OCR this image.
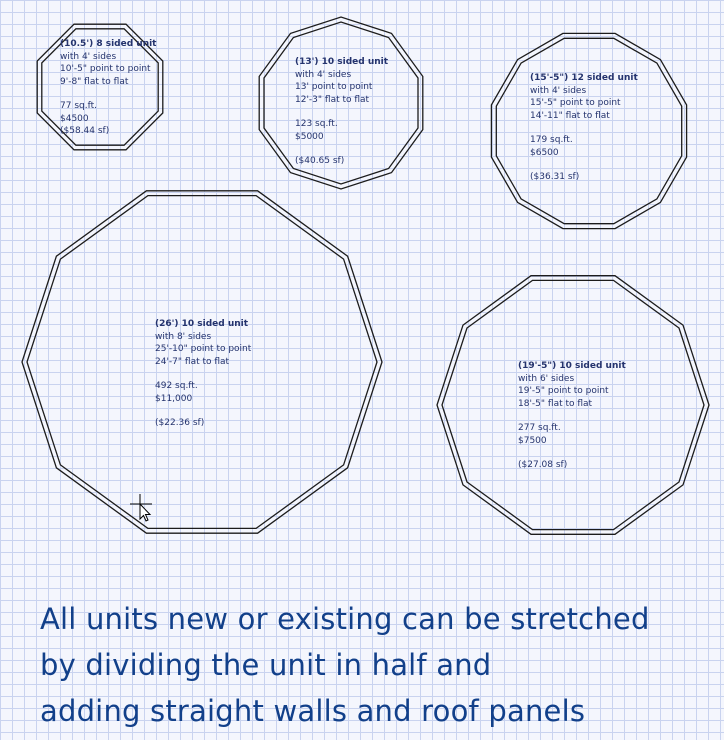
(10.5') 8 sided unit
with 4' sides
10'-5" point to point
9'-8" flat to flat
77 sq.ft.
$4500
($58.44 sf)
(13') 10 sided unit
with 4' sides
13' point to point
12'-3" flat to flat
123 sq.ft.
$5000
($40.65 sf)
(15'-5") 12 sided unit
with 4' sides
15'-5" point to point
14'-11" flat to flat
179 sq.ft.
$6500
($36.31 sf)
(26') 10 sided unit
with 8' sides
25'-10" point to point
24'-7" flat to flat
492 sq.ft.
$11,000
($22.36 sf)
(19'-5") 10 sided unit
with 6' sides
19'-5" point to point
18'-5" flat to flat
277 sq.ft.
$7500
($27.08 sf)
All units new or existing can be stretched
by dividing the unit in half and
adding straight walls and roof panels
